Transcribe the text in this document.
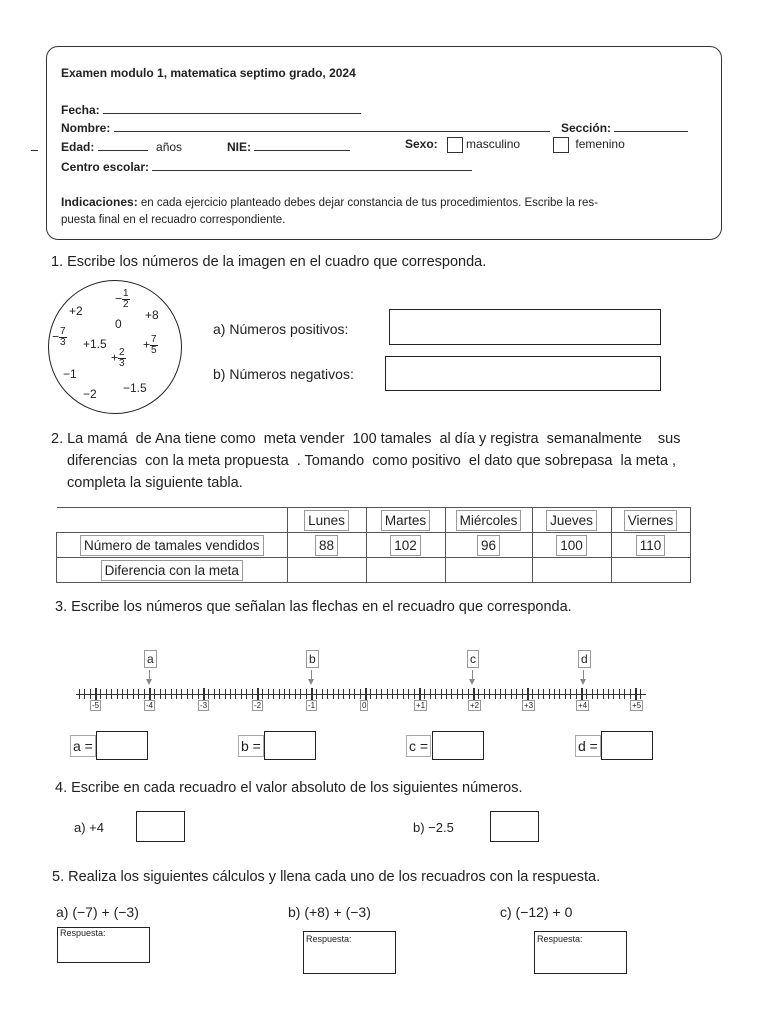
Examen modulo 1, matematica septimo grado, 2024
Fecha:
Nombre:	Sección:
Edad:	años	NIE:	Sexo: masculino	femenino
Centro escolar:
Indicaciones: en cada ejercicio planteado debes dejar constancia de tus procedimientos. Escribe la res-
puesta final en el recuadro correspondiente.
1. Escribe los números de la imagen en el cuadro que corresponda.
+2
− $\frac{1}{2}$
+8
0
− $\frac{7}{3} +1.5$
+ $\frac{2}{3}$
+ $\frac{7}{5}$
−1
−1.5
−2
a) Números positivos:
b) Números negativos:
2. La mamá  de Ana tiene como  meta vender  100 tamales  al día y registra  semanalmente    sus
diferencias  con la meta propuesta  . Tomando  como positivo  el dato que sobrepasa  la meta ,
completa la siguiente tabla.
	Lunes	Martes	Miércoles	Jueves	Viernes
Número de tamales vendidos	88	102	96	100	110
Diferencia con la meta					
3. Escribe los números que señalan las flechas en el recuadro que corresponda.
-5	-4	-3	-2	-1	0	+1	+2	+3	+4	+5
a	b	c	d
a =	b =	c =	d =
4. Escribe en cada recuadro el valor absoluto de los siguientes números.
a) +4	b) −2.5
5. Realiza los siguientes cálculos y llena cada uno de los recuadros con la respuesta.
a) (−7) + (−3)	b) (+8) + (−3)	c) (−12) + 0
Respuesta:
Respuesta:	Respuesta:
